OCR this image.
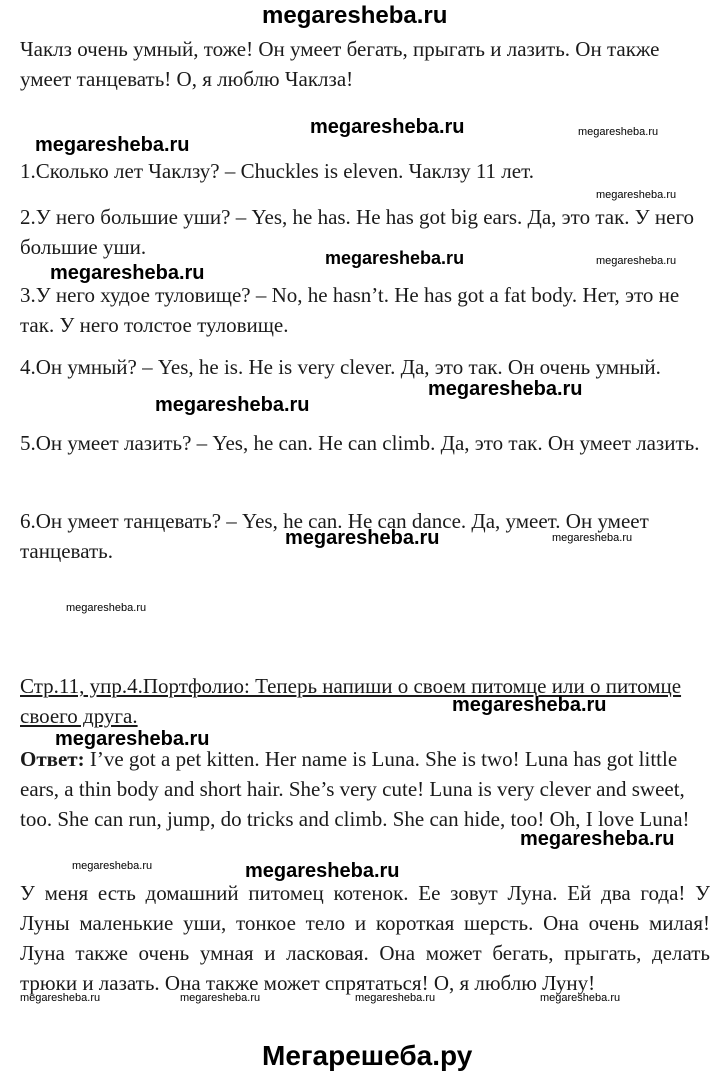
megaresheba.ru
Чаклз очень умный, тоже! Он умеет бегать, прыгать и лазить. Он также умеет танцевать! О, я люблю Чаклза!
megaresheba.ru
megaresheba.ru	megaresheba.ru
1.Сколько лет Чаклзу? – Chuckles is eleven. Чаклзу 11 лет.
megaresheba.ru
2.У него большие уши? – Yes, he has. He has got big ears. Да, это так. У него большие уши.
megaresheba.ru
megaresheba.ru	megaresheba.ru
3.У него худое туловище? – No, he hasn’t. He has got a fat body. Нет, это не так. У него толстое туловище.
4.Он умный? – Yes, he is. He is very clever. Да, это так. Он очень умный.
megaresheba.ru
megaresheba.ru
5.Он умеет лазить? – Yes, he can. He can climb. Да, это так. Он умеет лазить.
6.Он умеет танцевать? – Yes, he can. He can dance. Да, умеет. Он умеет танцевать.
megaresheba.ru	megaresheba.ru
megaresheba.ru
Стр.11, упр.4.Портфолио: Теперь напиши о своем питомце или о питомце своего друга.	megaresheba.ru
megaresheba.ru
Ответ: I’ve got a pet kitten. Her name is Luna. She is two! Luna has got little ears, a thin body and short hair. She’s very cute! Luna is very clever and sweet, too. She can run, jump, do tricks and climb. She can hide, too! Oh, I love Luna!
megaresheba.ru
megaresheba.ru	megaresheba.ru
У меня есть домашний питомец котенок. Ее зовут Луна. Ей два года! У Луны маленькие уши, тонкое тело и короткая шерсть. Она очень милая! Луна также очень умная и ласковая. Она может бегать, прыгать, делать трюки и лазать. Она также может спрятаться! О, я люблю Луну!
megaresheba.ru	megaresheba.ru	megaresheba.ru	megaresheba.ru
Мегарешеба.ру
